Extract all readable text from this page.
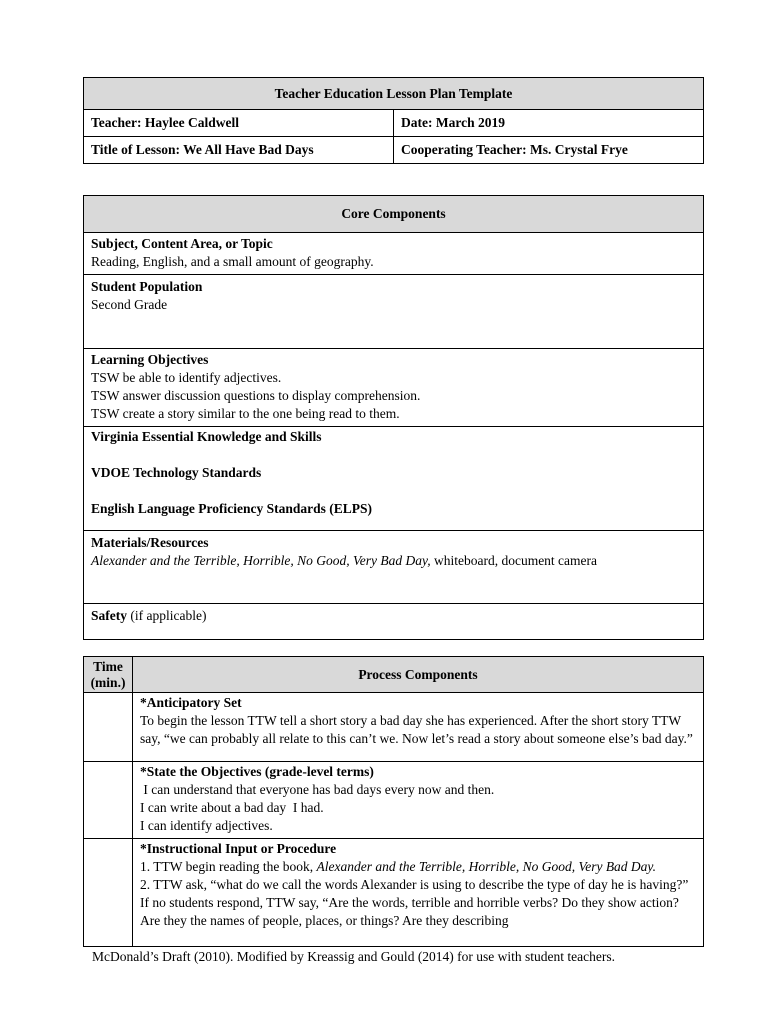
Teacher Education Lesson Plan Template	
Teacher: Haylee Caldwell	Date: March 2019
Title of Lesson: We All Have Bad Days	Cooperating Teacher: Ms. Crystal Frye
Core Components

Subject, Content Area, or Topic
Reading, English, and a small amount of geography.

Student Population
Second Grade

Learning Objectives
TSW be able to identify adjectives.
TSW answer discussion questions to display comprehension.
TSW create a story similar to the one being read to them.

Virginia Essential Knowledge and Skills
VDOE Technology Standards
English Language Proficiency Standards (ELPS)

Materials/Resources
Alexander and the Terrible, Horrible, No Good, Very Bad Day, whiteboard, document camera

Safety (if applicable)
Time (min.)	Process Components

	*Anticipatory Set
To begin the lesson TTW tell a short story a bad day she has experienced. After the short story TTW say, “we can probably all relate to this can’t we. Now let’s read a story about someone else’s bad day.”

	*State the Objectives (grade-level terms)
I can understand that everyone has bad days every now and then.
I can write about a bad day  I had.
I can identify adjectives.

	*Instructional Input or Procedure
1. TTW begin reading the book, Alexander and the Terrible, Horrible, No Good, Very Bad Day.
2. TTW ask, “what do we call the words Alexander is using to describe the type of day he is having?” If no students respond, TTW say, “Are the words, terrible and horrible verbs? Do they show action? Are they the names of people, places, or things? Are they describing
McDonald’s Draft (2010). Modified by Kreassig and Gould (2014) for use with student teachers.
